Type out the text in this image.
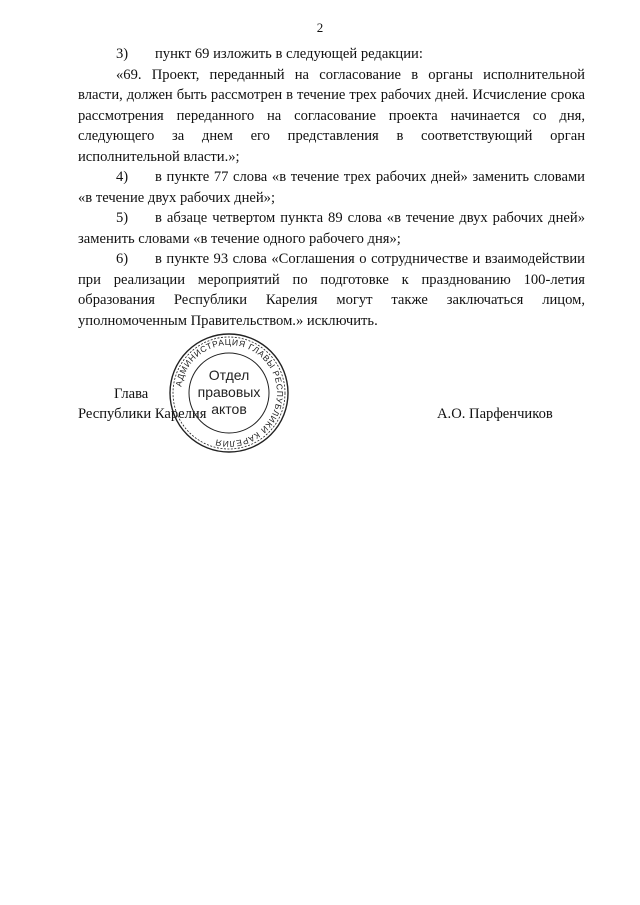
2

3) пункт 69 изложить в следующей редакции:

«69. Проект, переданный на согласование в органы исполнительной власти, должен быть рассмотрен в течение трех рабочих дней. Исчисление срока рассмотрения переданного на согласование проекта начинается со дня, следующего за днем его представления в соответствующий орган исполнительной власти.»;

4) в пункте 77 слова «в течение трех рабочих дней» заменить словами «в течение двух рабочих дней»;

5) в абзаце четвертом пункта 89 слова «в течение двух рабочих дней» заменить словами «в течение одного рабочего дня»;

6) в пункте 93 слова «Соглашения о сотрудничестве и взаимодействии при реализации мероприятий по подготовке к празднованию 100-летия образования Республики Карелия могут также заключаться лицом, уполномоченным Правительством.» исключить.

Глава
Республики Карелия	А.О. Парфенчиков
АДМИНИСТРАЦИЯ ГЛАВЫ РЕСПУБЛИКИ КАРЕЛИЯ
Отдел
правовых
актов
